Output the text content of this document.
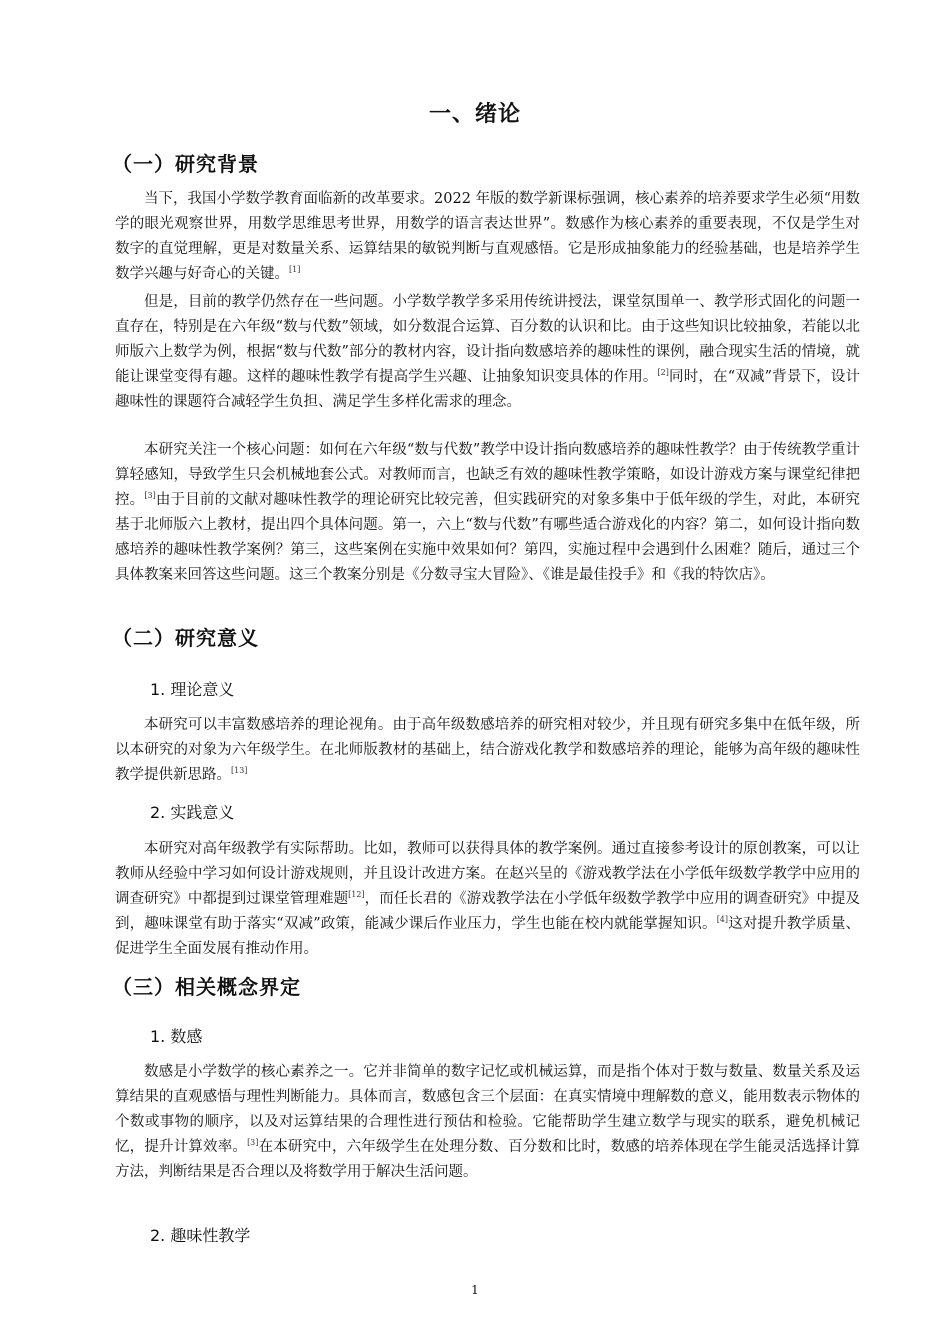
一、绪论
（一）研究背景

当下，我国小学数学教育面临新的改革要求。2022 年版的数学新课标强调，核心素养的培养要求学生必须“用数学的眼光观察世界，用数学思维思考世界，用数学的语言表达世界”。数感作为核心素养的重要表现，不仅是学生对数字的直觉理解，更是对数量关系、运算结果的敏锐判断与直观感悟。它是形成抽象能力的经验基础，也是培养学生数学兴趣与好奇心的关键。[1]

但是，目前的教学仍然存在一些问题。小学数学教学多采用传统讲授法，课堂氛围单一、教学形式固化的问题一直存在，特别是在六年级“数与代数”领域，如分数混合运算、百分数的认识和比。由于这些知识比较抽象，若能以北师版六上数学为例，根据“数与代数”部分的教材内容，设计指向数感培养的趣味性的课例，融合现实生活的情境，就能让课堂变得有趣。这样的趣味性教学有提高学生兴趣、让抽象知识变具体的作用。[2]同时，在“双减”背景下，设计趣味性的课题符合减轻学生负担、满足学生多样化需求的理念。

本研究关注一个核心问题：如何在六年级“数与代数”教学中设计指向数感培养的趣味性教学？由于传统教学重计算轻感知，导致学生只会机械地套公式。对教师而言，也缺乏有效的趣味性教学策略，如设计游戏方案与课堂纪律把控。[3]由于目前的文献对趣味性教学的理论研究比较完善，但实践研究的对象多集中于低年级的学生，对此，本研究基于北师版六上教材，提出四个具体问题。第一，六上“数与代数”有哪些适合游戏化的内容？第二，如何设计指向数感培养的趣味性教学案例？第三，这些案例在实施中效果如何？第四，实施过程中会遇到什么困难？随后，通过三个具体教案来回答这些问题。这三个教案分别是《分数寻宝大冒险》、《谁是最佳投手》和《我的特饮店》。

（二）研究意义
1. 理论意义

本研究可以丰富数感培养的理论视角。由于高年级数感培养的研究相对较少，并且现有研究多集中在低年级，所以本研究的对象为六年级学生。在北师版教材的基础上，结合游戏化教学和数感培养的理论，能够为高年级的趣味性教学提供新思路。[13]

2. 实践意义

本研究对高年级教学有实际帮助。比如，教师可以获得具体的教学案例。通过直接参考设计的原创教案，可以让教师从经验中学习如何设计游戏规则，并且设计改进方案。在赵兴呈的《游戏教学法在小学低年级数学教学中应用的调查研究》中都提到过课堂管理难题[12]，而任长君的《游戏教学法在小学低年级数学教学中应用的调查研究》中提及到，趣味课堂有助于落实“双减”政策，能减少课后作业压力，学生也能在校内就能掌握知识。[4]这对提升教学质量、促进学生全面发展有推动作用。

（三）相关概念界定
1. 数感

数感是小学数学的核心素养之一。它并非简单的数字记忆或机械运算，而是指个体对于数与数量、数量关系及运算结果的直观感悟与理性判断能力。具体而言，数感包含三个层面：在真实情境中理解数的意义，能用数表示物体的个数或事物的顺序，以及对运算结果的合理性进行预估和检验。它能帮助学生建立数学与现实的联系，避免机械记忆，提升计算效率。[3]在本研究中，六年级学生在处理分数、百分数和比时，数感的培养体现在学生能灵活选择计算方法，判断结果是否合理以及将数学用于解决生活问题。

2. 趣味性教学
1
